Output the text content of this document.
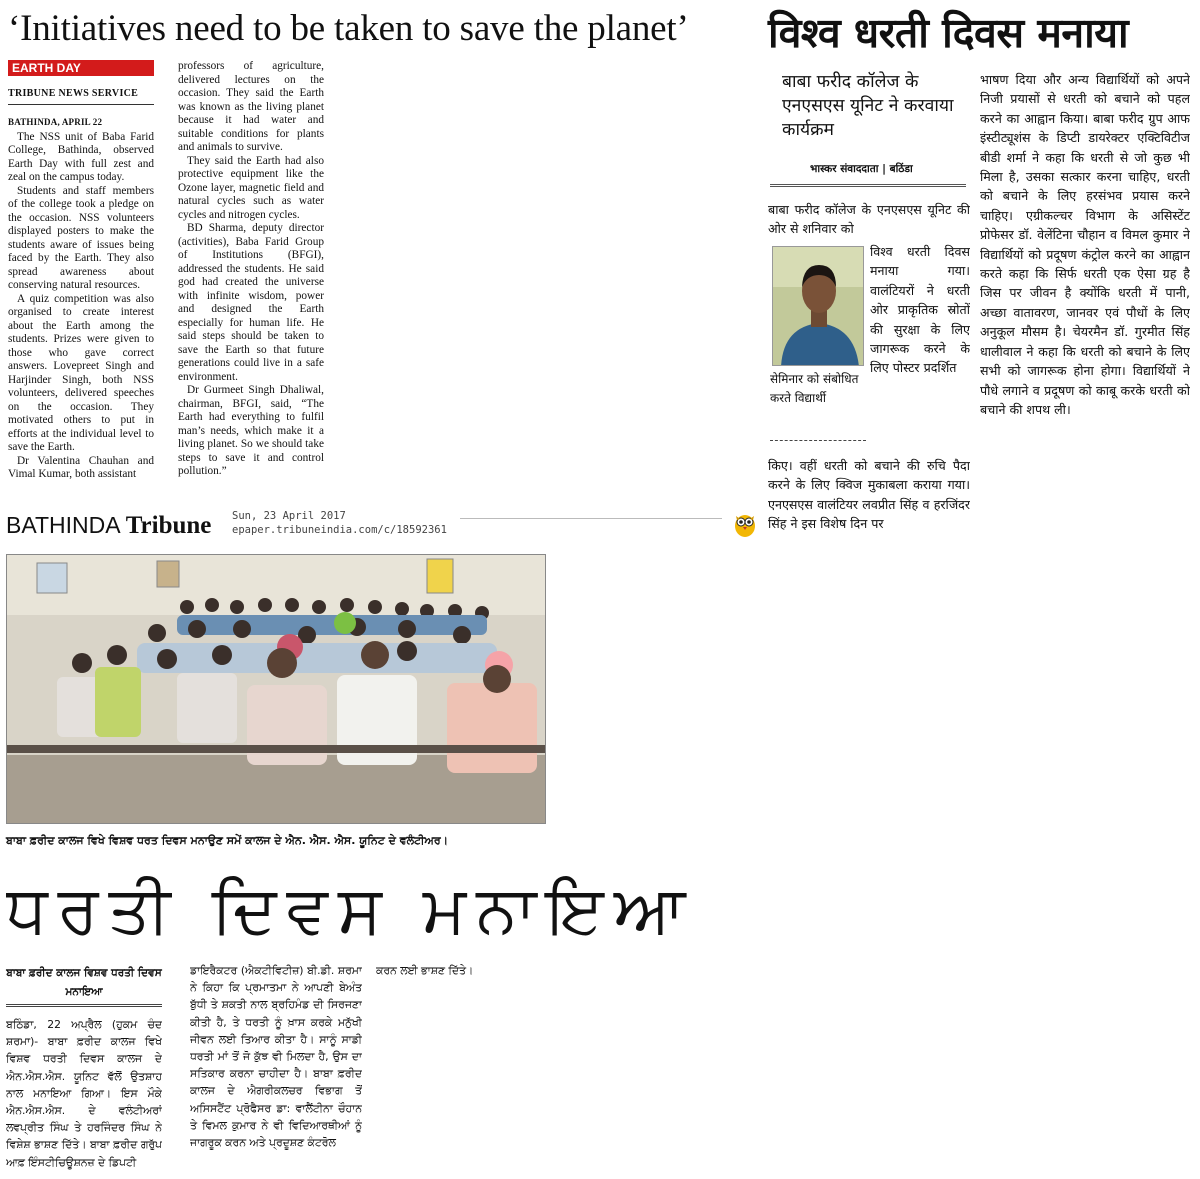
‘Initiatives need to be taken to save the planet’
EARTH DAY
TRIBUNE NEWS SERVICE
BATHINDA, APRIL 22

The NSS unit of Baba Farid College, Bathinda, observed Earth Day with full zest and zeal on the campus today.

Students and staff members of the college took a pledge on the occasion. NSS volunteers displayed posters to make the students aware of issues being faced by the Earth. They also spread awareness about conserving natural resources.

A quiz competition was also organised to create interest about the Earth among the students. Prizes were given to those who gave correct answers. Lovepreet Singh and Harjinder Singh, both NSS volunteers, delivered speeches on the occasion. They motivated others to put in efforts at the individual level to save the Earth.

Dr Valentina Chauhan and Vimal Kumar, both assistant

professors of agriculture, delivered lectures on the occasion. They said the Earth was known as the living planet because it had water and suitable conditions for plants and animals to survive.

They said the Earth had also protective equipment like the Ozone layer, magnetic field and natural cycles such as water cycles and nitrogen cycles.

BD Sharma, deputy director (activities), Baba Farid Group of Institutions (BFGI), addressed the students. He said god had created the universe with infinite wisdom, power and designed the Earth especially for human life. He said steps should be taken to save the Earth so that future generations could live in a safe environment.

Dr Gurmeet Singh Dhaliwal, chairman, BFGI, said, “The Earth had everything to fulfil man’s needs, which make it a living planet. So we should take steps to save it and control pollution.”

विश्व धरती दिवस मनाया
बाबा फरीद कॉलेज के एनएसएस यूनिट ने करवाया कार्यक्रम
भास्कर संवाददाता | बठिंडा
बाबा फरीद कॉलेज के एनएसएस यूनिट की ओर से शनिवार को
विश्व धरती दिवस मनाया गया। वालंटियरों ने धरती ओर प्राकृतिक स्रोतों की सुरक्षा के लिए जागरूक करने के लिए पोस्टर प्रदर्शित
सेमिनार को संबोधित करते विद्यार्थी
किए। वहीं धरती को बचाने की रुचि पैदा करने के लिए क्विज मुकाबला कराया गया। एनएसएस वालंटियर लवप्रीत सिंह व हरजिंदर सिंह ने इस विशेष दिन पर
भाषण दिया और अन्य विद्यार्थियों को अपने निजी प्रयासों से धरती को बचाने को पहल करने का आह्वान किया। बाबा फरीद ग्रुप आफ इंस्टीट्यूशंस के डिप्टी डायरेक्टर एक्टिविटीज बीडी शर्मा ने कहा कि धरती से जो कुछ भी मिला है, उसका सत्कार करना चाहिए, धरती को बचाने के लिए हरसंभव प्रयास करने चाहिए। एग्रीकल्चर विभाग के असिस्टेंट प्रोफेसर डॉ. वेलेंटिना चौहान व विमल कुमार ने विद्यार्थियों को प्रदूषण कंट्रोल करने का आह्वान करते कहा कि सिर्फ धरती एक ऐसा ग्रह है जिस पर जीवन है क्योंकि धरती में पानी, अच्छा वातावरण, जानवर एवं पौधों के लिए अनुकूल मौसम है। चेयरमैन डॉ. गुरमीत सिंह धालीवाल ने कहा कि धरती को बचाने के लिए सभी को जागरूक होना होगा। विद्यार्थियों ने पौधे लगाने व प्रदूषण को काबू करके धरती को बचाने की शपथ ली।
BATHINDA Tribune Sun, 23 April 2017
epaper.tribuneindia.com/c/18592361
ਬਾਬਾ ਫ਼ਰੀਦ ਕਾਲਜ ਵਿਖੇ ਵਿਸ਼ਵ ਧਰਤ ਦਿਵਸ ਮਨਾਉਣ ਸਮੇਂ ਕਾਲਜ ਦੇ ਐਨ. ਐਸ. ਐਸ. ਯੂਨਿਟ ਦੇ ਵਲੰਟੀਅਰ।
ਧਰਤੀ ਦਿਵਸ ਮਨਾਇਆ
ਬਾਬਾ ਫ਼ਰੀਦ ਕਾਲਜ ਵਿਸ਼ਵ ਧਰਤੀ ਦਿਵਸ ਮਨਾਇਆ
ਬਠਿੰਡਾ, 22 ਅਪ੍ਰੈਲ (ਹੁਕਮ ਚੰਦ ਸ਼ਰਮਾ)- ਬਾਬਾ ਫ਼ਰੀਦ ਕਾਲਜ ਵਿਖੇ ਵਿਸ਼ਵ ਧਰਤੀ ਦਿਵਸ ਕਾਲਜ ਦੇ ਐਨ.ਐਸ.ਐਸ. ਯੂਨਿਟ ਵੱਲੋਂ ਉਤਸ਼ਾਹ ਨਾਲ ਮਨਾਇਆ ਗਿਆ। ਇਸ ਮੌਕੇ ਐਨ.ਐਸ.ਐਸ. ਦੇ ਵਲੰਟੀਅਰਾਂ ਲਵਪ੍ਰੀਤ ਸਿੰਘ ਤੇ ਹਰਜਿੰਦਰ ਸਿੰਘ ਨੇ ਵਿਸ਼ੇਸ਼ ਭਾਸ਼ਣ ਦਿੱਤੇ। ਬਾਬਾ ਫ਼ਰੀਦ ਗਰੁੱਪ ਆਫ਼ ਇੰਸਟੀਚਿਊਸ਼ਨਜ਼ ਦੇ ਡਿਪਟੀ
ਡਾਇਰੈਕਟਰ (ਐਕਟੀਵਿਟੀਜ਼) ਬੀ.ਡੀ. ਸ਼ਰਮਾ ਨੇ ਕਿਹਾ ਕਿ ਪ੍ਰਮਾਤਮਾ ਨੇ ਆਪਣੀ ਬੇਅੰਤ ਬੁੱਧੀ ਤੇ ਸ਼ਕਤੀ ਨਾਲ ਬ੍ਰਹਿਮੰਡ ਦੀ ਸਿਰਜਣਾ ਕੀਤੀ ਹੈ, ਤੇ ਧਰਤੀ ਨੂੰ ਖ਼ਾਸ ਕਰਕੇ ਮਨੁੱਖੀ ਜੀਵਨ ਲਈ ਤਿਆਰ ਕੀਤਾ ਹੈ। ਸਾਨੂੰ ਸਾਡੀ ਧਰਤੀ ਮਾਂ ਤੋਂ ਜੋ ਕੁੱਝ ਵੀ ਮਿਲਦਾ ਹੈ, ਉਸ ਦਾ ਸਤਿਕਾਰ ਕਰਨਾ ਚਾਹੀਦਾ ਹੈ। ਬਾਬਾ ਫ਼ਰੀਦ ਕਾਲਜ ਦੇ ਐਗਰੀਕਲਚਰ ਵਿਭਾਗ ਤੋਂ ਅਸਿਸਟੈਂਟ ਪ੍ਰੋਫੈਸਰ ਡਾ: ਵਾਲੈਂਟੀਨਾ ਚੌਹਾਨ ਤੇ ਵਿਮਲ ਕੁਮਾਰ ਨੇ ਵੀ ਵਿਦਿਆਰਥੀਆਂ ਨੂੰ ਜਾਗਰੂਕ ਕਰਨ ਅਤੇ ਪ੍ਰਦੂਸ਼ਣ ਕੰਟਰੋਲ
ਕਰਨ ਲਈ ਭਾਸ਼ਣ ਦਿੱਤੇ।
